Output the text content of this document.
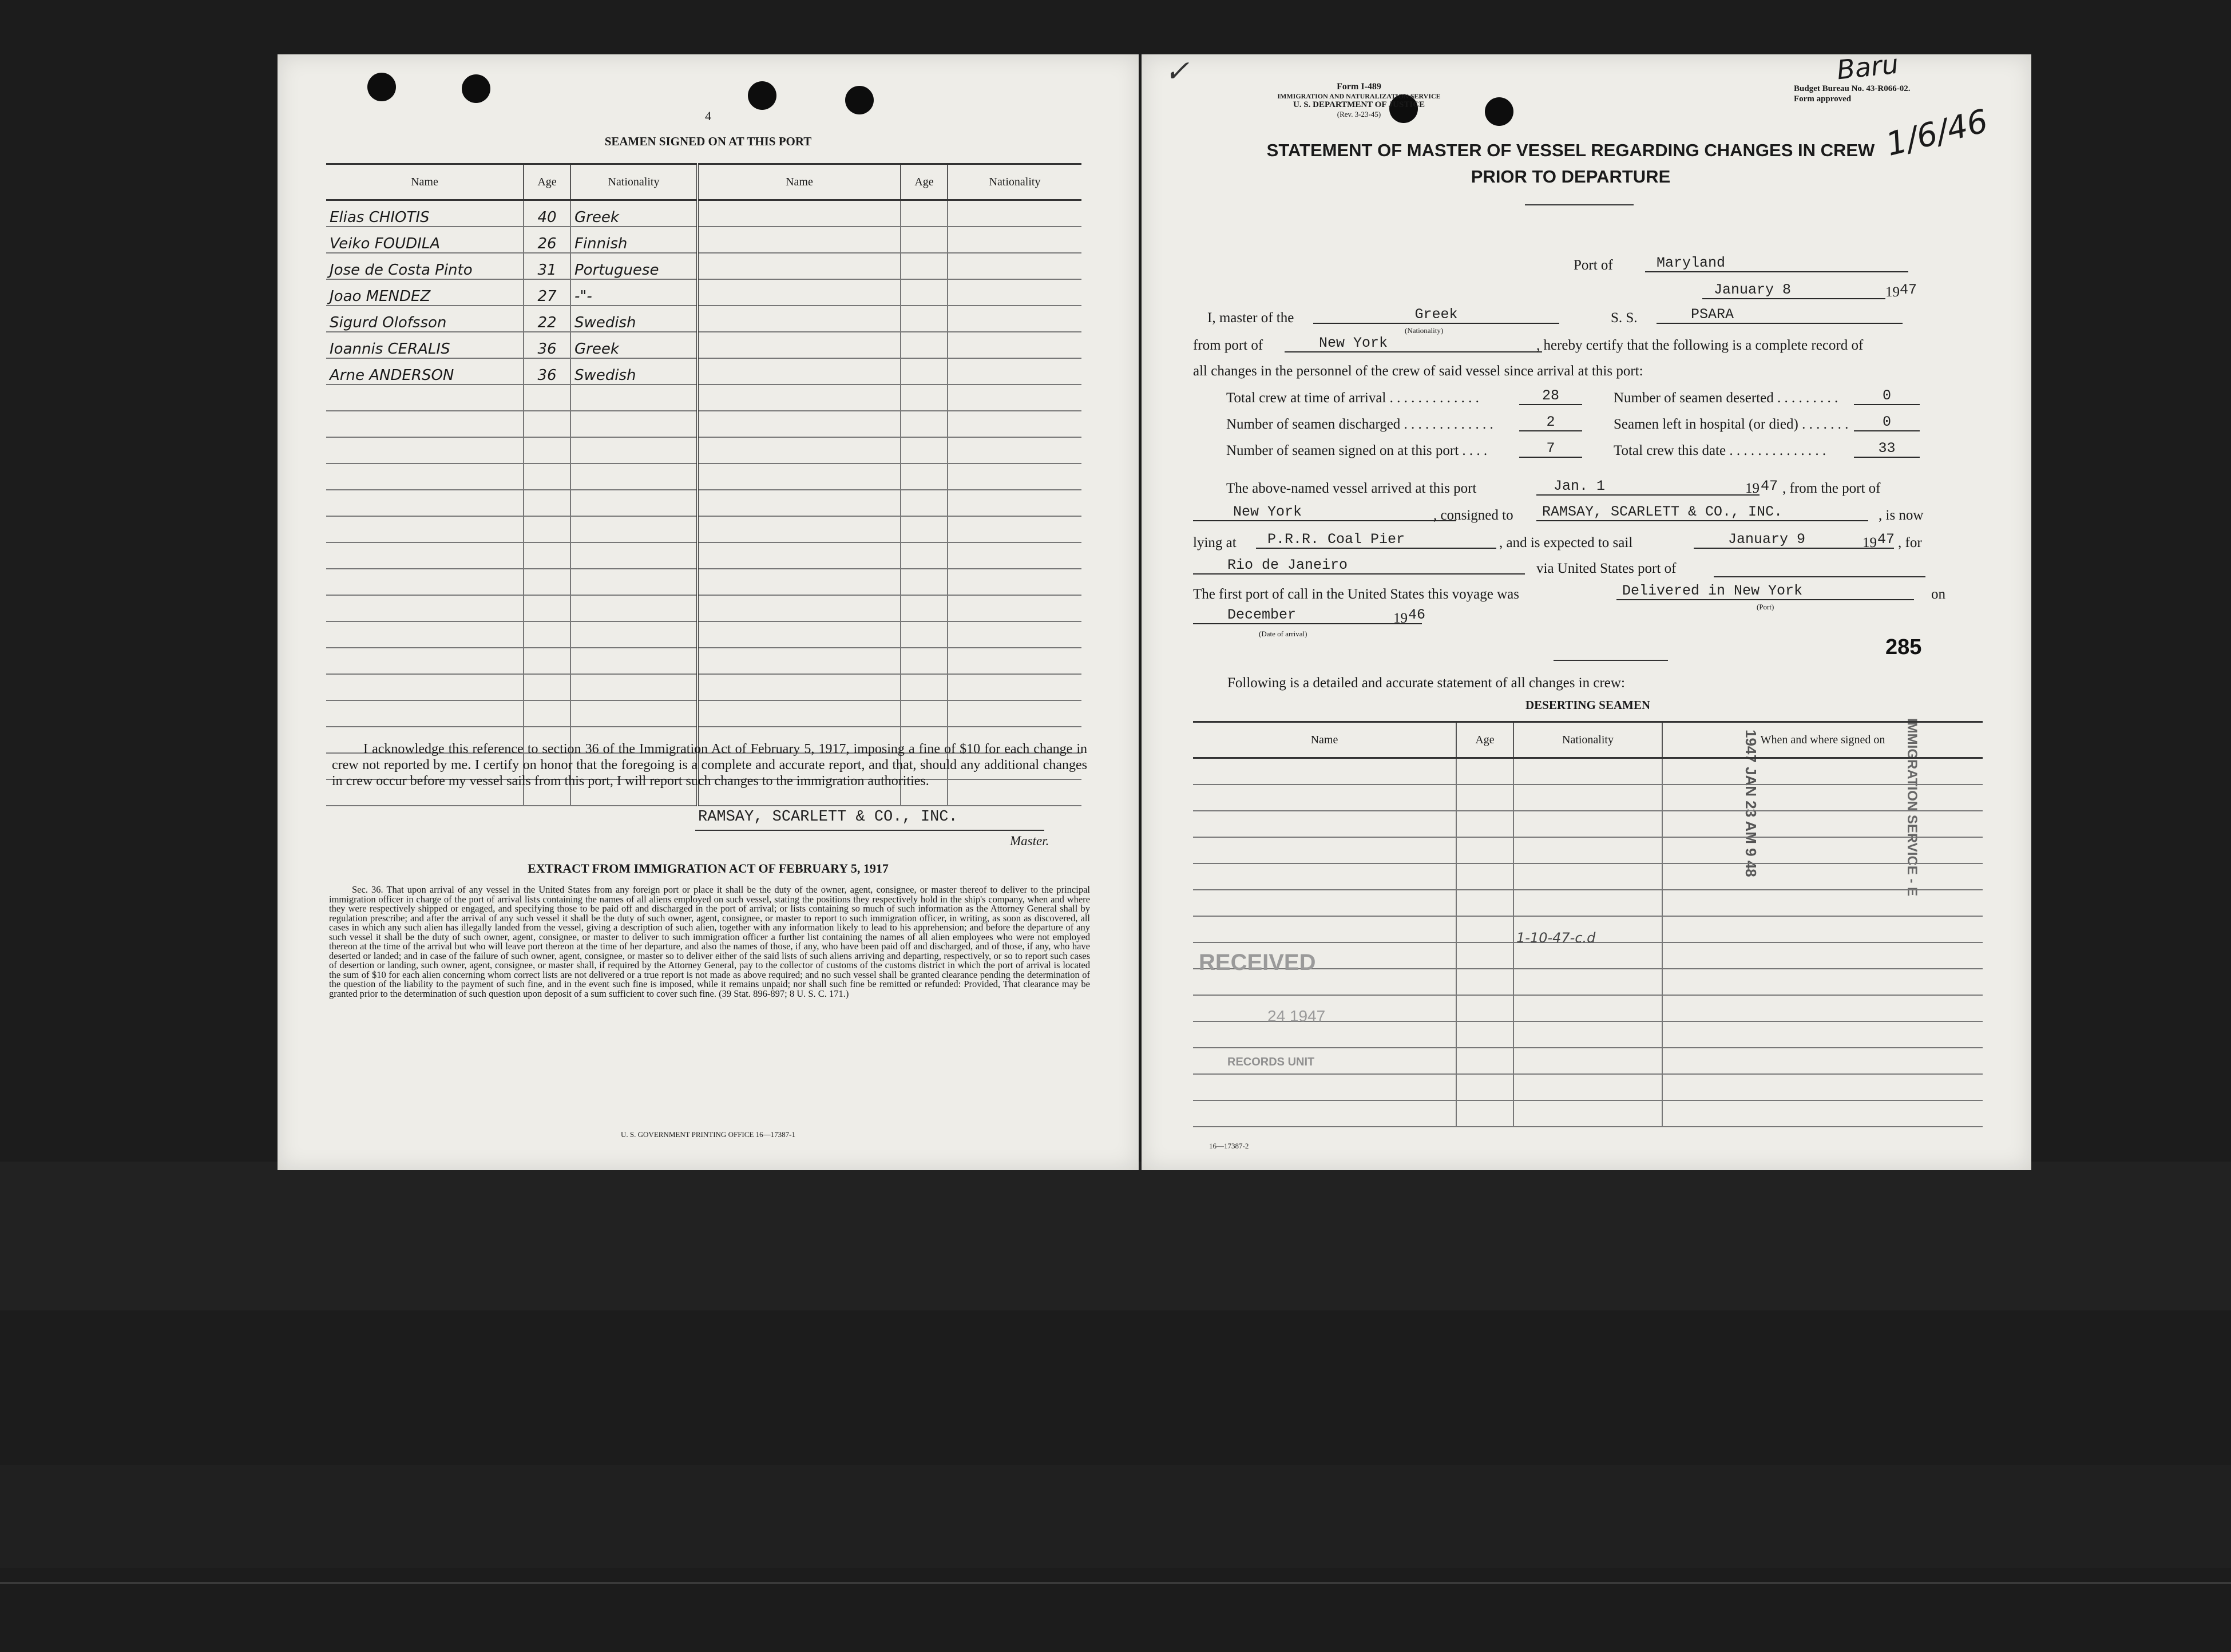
4
SEAMEN SIGNED ON AT THIS PORT
Name	Age	Nationality	Name	Age	Nationality
Elias CHIOTIS	40	Greek			
Veiko FOUDILA	26	Finnish			
Jose de Costa Pinto	31	Portuguese			
Joao MENDEZ	27	-"-			
Sigurd Olofsson	22	Swedish			
Ioannis CERALIS	36	Greek			
Arne ANDERSON	36	Swedish			

I acknowledge this reference to section 36 of the Immigration Act of February 5, 1917, imposing a fine of $10 for each change in crew not reported by me. I certify on honor that the foregoing is a complete and accurate report, and that, should any additional changes in crew occur before my vessel sails from this port, I will report such changes to the immigration authorities.
RAMSAY, SCARLETT & CO., INC.
Master.
EXTRACT FROM IMMIGRATION ACT OF FEBRUARY 5, 1917
Sec. 36. That upon arrival of any vessel in the United States from any foreign port or place it shall be the duty of the owner, agent, consignee, or master thereof to deliver to the principal immigration officer in charge of the port of arrival lists containing the names of all aliens employed on such vessel, stating the positions they respectively hold in the ship's company, when and where they were respectively shipped or engaged, and specifying those to be paid off and discharged in the port of arrival; or lists containing so much of such information as the Attorney General shall by regulation prescribe; and after the arrival of any such vessel it shall be the duty of such owner, agent, consignee, or master to report to such immigration officer, in writing, as soon as discovered, all cases in which any such alien has illegally landed from the vessel, giving a description of such alien, together with any information likely to lead to his apprehension; and before the departure of any such vessel it shall be the duty of such owner, agent, consignee, or master to deliver to such immigration officer a further list containing the names of all alien employees who were not employed thereon at the time of the arrival but who will leave port thereon at the time of her departure, and also the names of those, if any, who have been paid off and discharged, and of those, if any, who have deserted or landed; and in case of the failure of such owner, agent, consignee, or master so to deliver either of the said lists of such aliens arriving and departing, respectively, or so to report such cases of desertion or landing, such owner, agent, consignee, or master shall, if required by the Attorney General, pay to the collector of customs of the customs district in which the port of arrival is located the sum of $10 for each alien concerning whom correct lists are not delivered or a true report is not made as above required; and no such vessel shall be granted clearance pending the determination of the question of the liability to the payment of such fine, and in the event such fine is imposed, while it remains unpaid; nor shall such fine be remitted or refunded: Provided, That clearance may be granted prior to the determination of such question upon deposit of a sum sufficient to cover such fine. (39 Stat. 896-897; 8 U. S. C. 171.)
U. S. GOVERNMENT PRINTING OFFICE 16—17387-1
✓	Form I-489
IMMIGRATION AND NATURALIZATION SERVICE
U. S. DEPARTMENT OF JUSTICE
(Rev. 3-23-45)
Budget Bureau No. 43-R066-02.
Form approved
Baru
1/6/46
STATEMENT OF MASTER OF VESSEL REGARDING CHANGES IN CREW
PRIOR TO DEPARTURE
Port of	Maryland
January 8	19 47
I, master of the	Greek
(Nationality)
S. S.	PSARA
from port of	New York	, hereby certify that the following is a complete record of
all changes in the personnel of the crew of said vessel since arrival at this port:
Total crew at time of arrival . . . . . . . . . . . . .	28	Number of seamen deserted . . . . . . . . .	0
Number of seamen discharged . . . . . . . . . . . . .	2	Seamen left in hospital (or died) . . . . . . .	0
Number of seamen signed on at this port . . . .	7	Total crew this date . . . . . . . . . . . . . .	33
The above-named vessel arrived at this port	Jan. 1	19 47 , from the port of
New York	, consigned to	RAMSAY, SCARLETT & CO., INC.	, is now
lying at	P.R.R. Coal Pier	, and is expected to sail	January 9	19 47 , for
Rio de Janeiro	via United States port of
The first port of call in the United States this voyage was	Delivered in New York
(Port)
on
December	19 46
(Date of arrival)
285
1947 JAN 23 AM 9 48	IMMIGRATION SERVICE - E
Following is a detailed and accurate statement of all changes in crew:
DESERTING SEAMEN
Name	Age	Nationality	When and where signed on

1-10-47-c.d
RECEIVED
24 1947
RECORDS UNIT
16—17387-2
